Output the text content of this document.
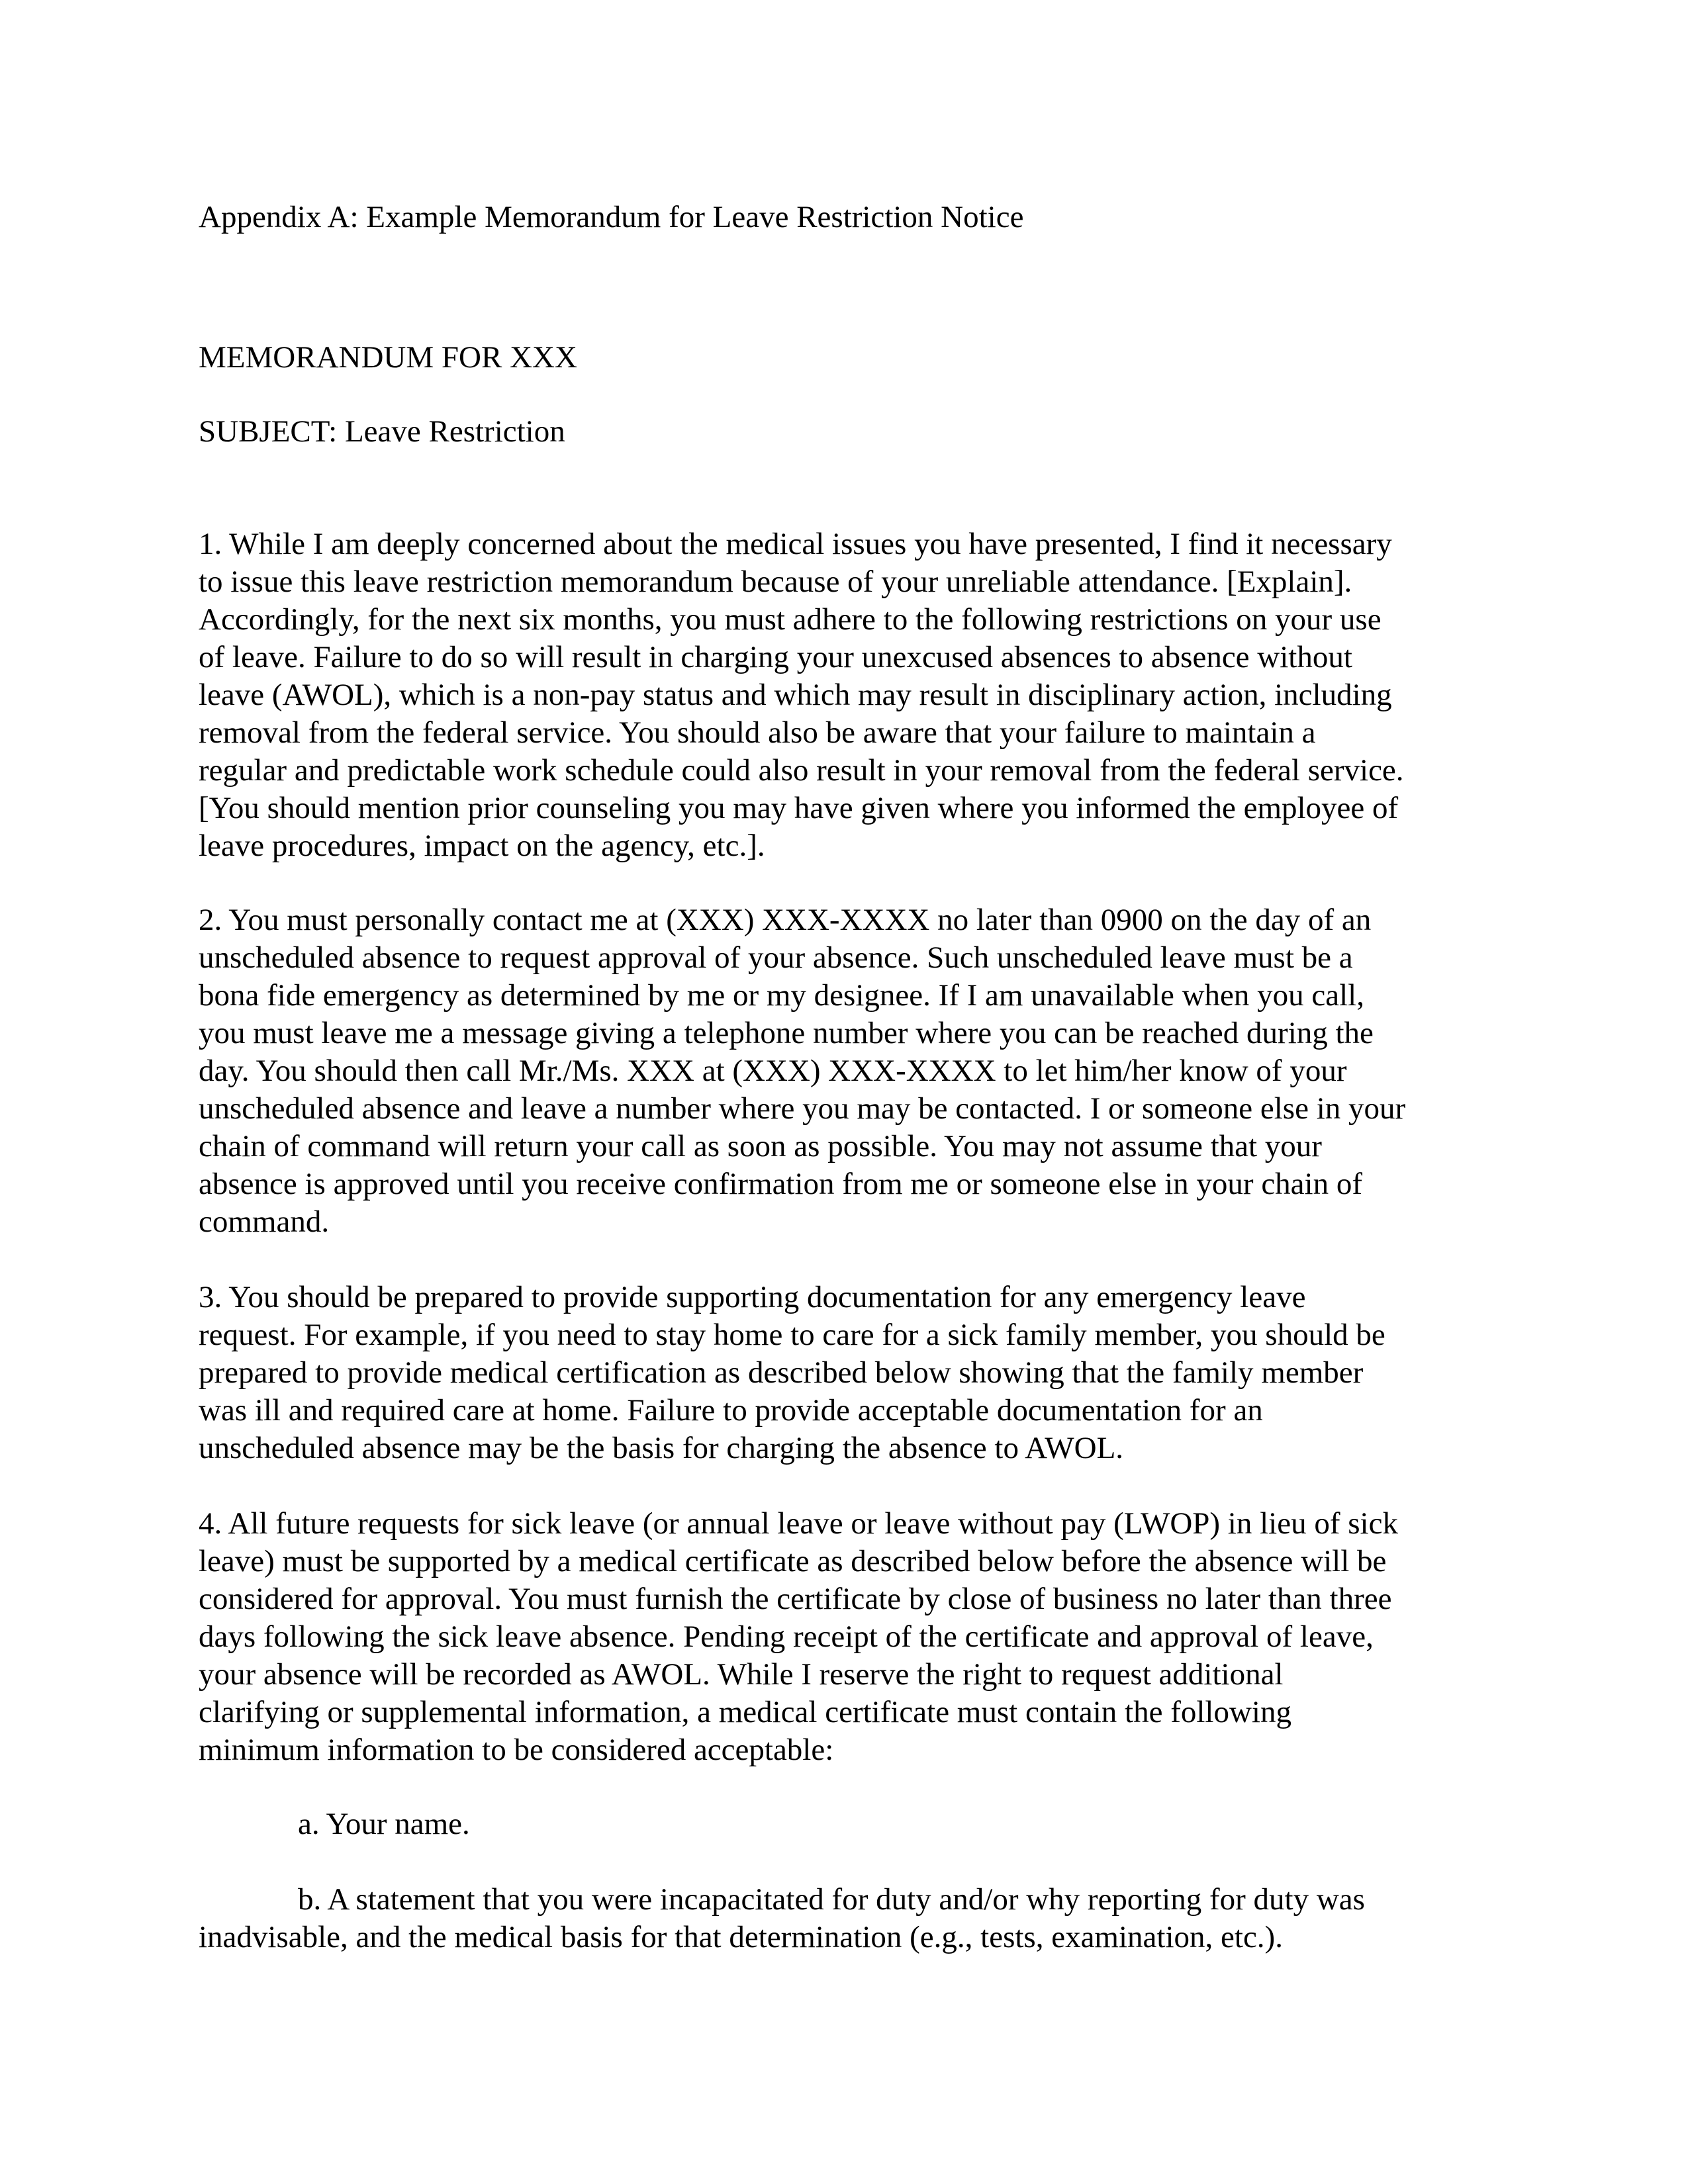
Appendix A: Example Memorandum for Leave Restriction Notice

MEMORANDUM FOR XXX

SUBJECT: Leave Restriction

1. While I am deeply concerned about the medical issues you have presented, I find it necessary
to issue this leave restriction memorandum because of your unreliable attendance. [Explain].
Accordingly, for the next six months, you must adhere to the following restrictions on your use
of leave. Failure to do so will result in charging your unexcused absences to absence without
leave (AWOL), which is a non-pay status and which may result in disciplinary action, including
removal from the federal service. You should also be aware that your failure to maintain a
regular and predictable work schedule could also result in your removal from the federal service.
[You should mention prior counseling you may have given where you informed the employee of
leave procedures, impact on the agency, etc.].

2. You must personally contact me at (XXX) XXX-XXXX no later than 0900 on the day of an
unscheduled absence to request approval of your absence. Such unscheduled leave must be a
bona fide emergency as determined by me or my designee. If I am unavailable when you call,
you must leave me a message giving a telephone number where you can be reached during the
day. You should then call Mr./Ms. XXX at (XXX) XXX-XXXX to let him/her know of your
unscheduled absence and leave a number where you may be contacted. I or someone else in your
chain of command will return your call as soon as possible. You may not assume that your
absence is approved until you receive confirmation from me or someone else in your chain of
command.

3. You should be prepared to provide supporting documentation for any emergency leave
request. For example, if you need to stay home to care for a sick family member, you should be
prepared to provide medical certification as described below showing that the family member
was ill and required care at home. Failure to provide acceptable documentation for an
unscheduled absence may be the basis for charging the absence to AWOL.

4. All future requests for sick leave (or annual leave or leave without pay (LWOP) in lieu of sick
leave) must be supported by a medical certificate as described below before the absence will be
considered for approval. You must furnish the certificate by close of business no later than three
days following the sick leave absence. Pending receipt of the certificate and approval of leave,
your absence will be recorded as AWOL. While I reserve the right to request additional
clarifying or supplemental information, a medical certificate must contain the following
minimum information to be considered acceptable:

a. Your name.

b. A statement that you were incapacitated for duty and/or why reporting for duty was
inadvisable, and the medical basis for that determination (e.g., tests, examination, etc.).
